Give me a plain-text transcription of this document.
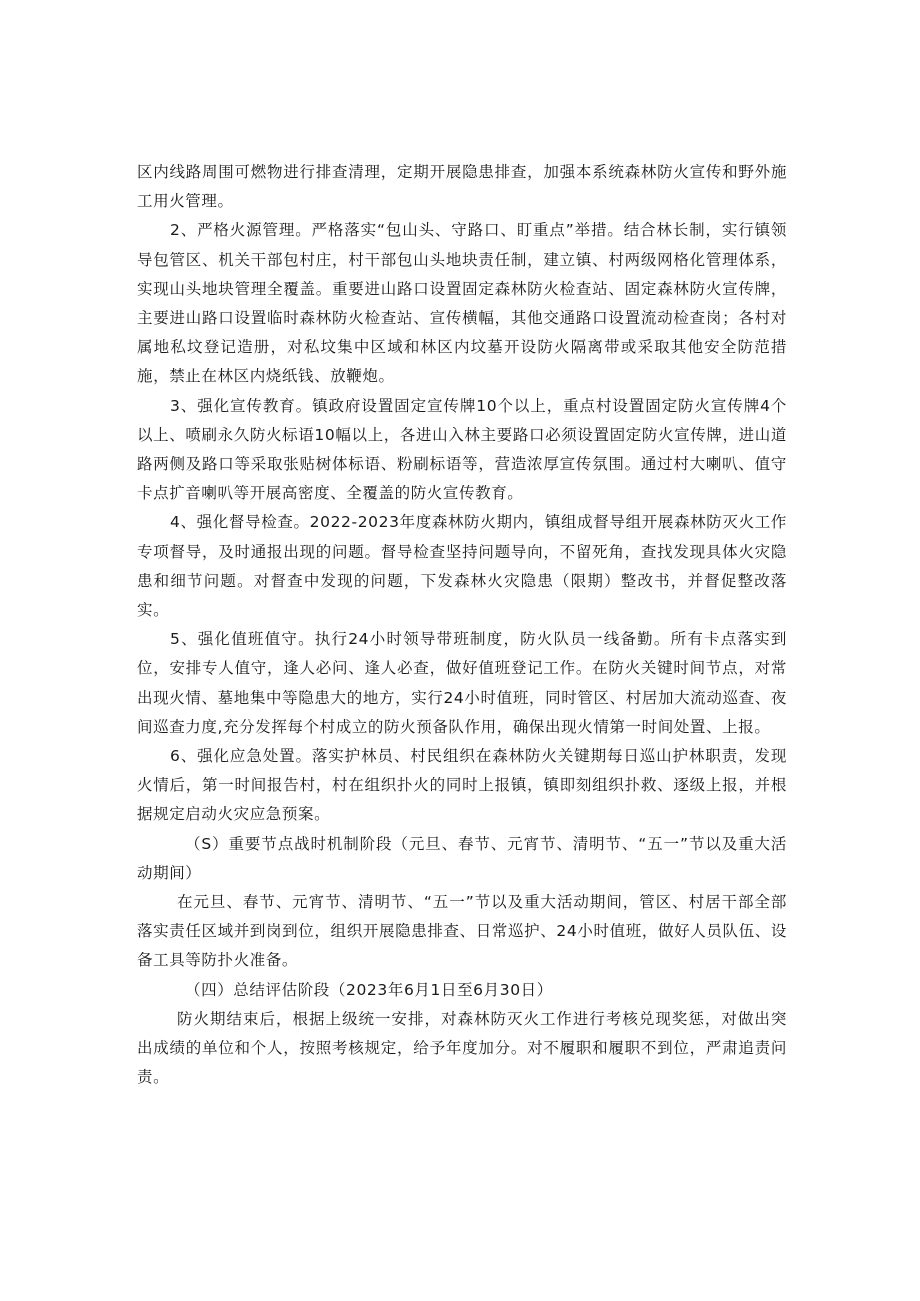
区内线路周围可燃物进行排查清理，定期开展隐患排查，加强本系统森林防火宣传和野外施工用火管理。

2、严格火源管理。严格落实“包山头、守路口、盯重点”举措。结合林长制，实行镇领导包管区、机关干部包村庄，村干部包山头地块责任制，建立镇、村两级网格化管理体系，实现山头地块管理全覆盖。重要进山路口设置固定森林防火检查站、固定森林防火宣传牌，主要进山路口设置临时森林防火检查站、宣传横幅，其他交通路口设置流动检查岗；各村对属地私坟登记造册，对私坟集中区域和林区内坟墓开设防火隔离带或采取其他安全防范措施，禁止在林区内烧纸钱、放鞭炮。

3、强化宣传教育。镇政府设置固定宣传牌10个以上，重点村设置固定防火宣传牌4个以上、喷刷永久防火标语10幅以上，各进山入林主要路口必须设置固定防火宣传牌，进山道路两侧及路口等采取张贴树体标语、粉刷标语等，营造浓厚宣传氛围。通过村大喇叭、值守卡点扩音喇叭等开展高密度、全覆盖的防火宣传教育。

4、强化督导检查。2022-2023年度森林防火期内，镇组成督导组开展森林防灭火工作专项督导，及时通报出现的问题。督导检查坚持问题导向，不留死角，查找发现具体火灾隐患和细节问题。对督查中发现的问题，下发森林火灾隐患（限期）整改书，并督促整改落实。

5、强化值班值守。执行24小时领导带班制度，防火队员一线备勤。所有卡点落实到位，安排专人值守，逢人必问、逢人必查，做好值班登记工作。在防火关键时间节点，对常出现火情、墓地集中等隐患大的地方，实行24小时值班，同时管区、村居加大流动巡查、夜间巡查力度,充分发挥每个村成立的防火预备队作用，确保出现火情第一时间处置、上报。

6、强化应急处置。落实护林员、村民组织在森林防火关键期每日巡山护林职责，发现火情后，第一时间报告村，村在组织扑火的同时上报镇，镇即刻组织扑救、逐级上报，并根据规定启动火灾应急预案。

（S）重要节点战时机制阶段（元旦、春节、元宵节、清明节、“五一”节以及重大活动期间）

在元旦、春节、元宵节、清明节、“五一”节以及重大活动期间，管区、村居干部全部落实责任区域并到岗到位，组织开展隐患排查、日常巡护、24小时值班，做好人员队伍、设备工具等防扑火准备。

（四）总结评估阶段（2023年6月1日至6月30日）

防火期结束后，根据上级统一安排，对森林防灭火工作进行考核兑现奖惩，对做出突出成绩的单位和个人，按照考核规定，给予年度加分。对不履职和履职不到位，严肃追责问责。
